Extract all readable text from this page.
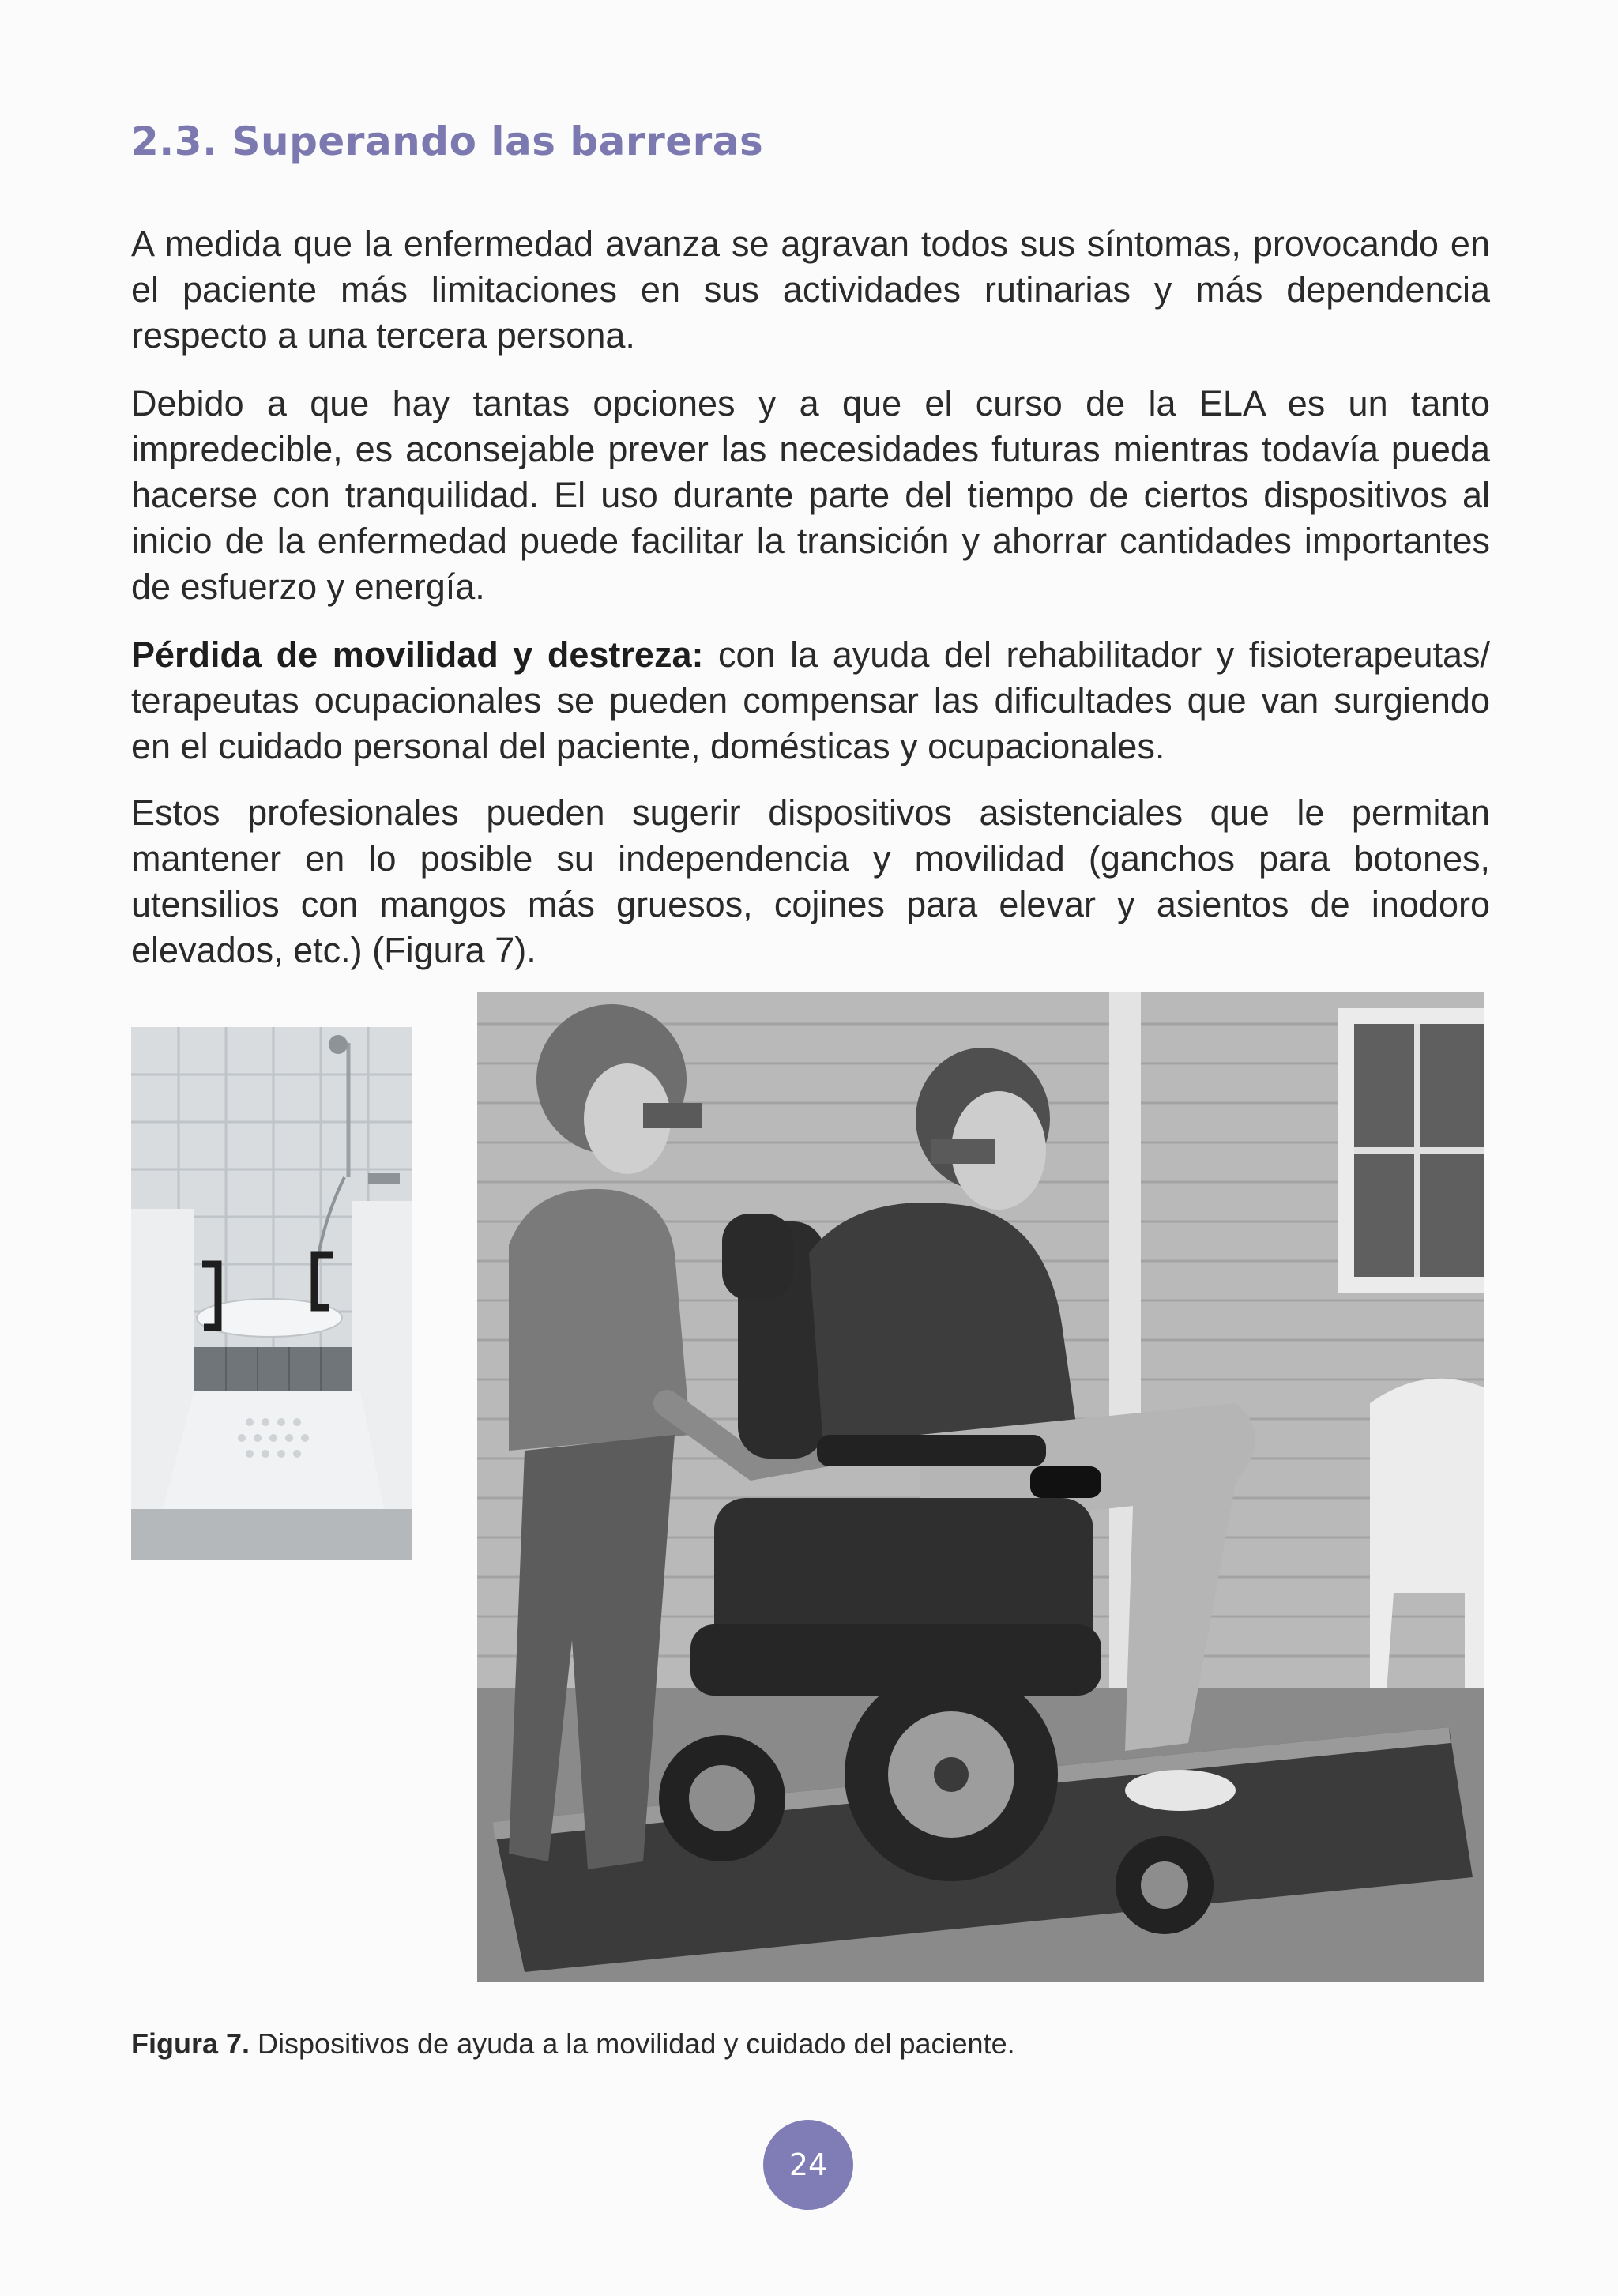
2.3. Superando las barreras

A medida que la enfermedad avanza se agravan todos sus síntomas, provocando en el paciente más limitaciones en sus actividades rutinarias y más dependencia respecto a una tercera persona.

Debido a que hay tantas opciones y a que el curso de la ELA es un tanto impredecible, es aconsejable prever las necesidades futuras mientras todavía pueda hacerse con tranquilidad. El uso durante parte del tiempo de ciertos dispositivos al inicio de la enfermedad puede facilitar la transición y ahorrar cantidades importantes de esfuerzo y energía.

Pérdida de movilidad y destreza: con la ayuda del rehabilitador y fisioterapeutas/ terapeutas ocupacionales se pueden compensar las dificultades que van surgiendo en el cuidado personal del paciente, domésticas y ocupacionales.

Estos profesionales pueden sugerir dispositivos asistenciales que le permitan mantener en lo posible su independencia y movilidad (ganchos para botones, utensilios con mangos más gruesos, cojines para elevar y asientos de inodoro elevados, etc.) (Figura 7).

Figura 7. Dispositivos de ayuda a la movilidad y cuidado del paciente.

24
